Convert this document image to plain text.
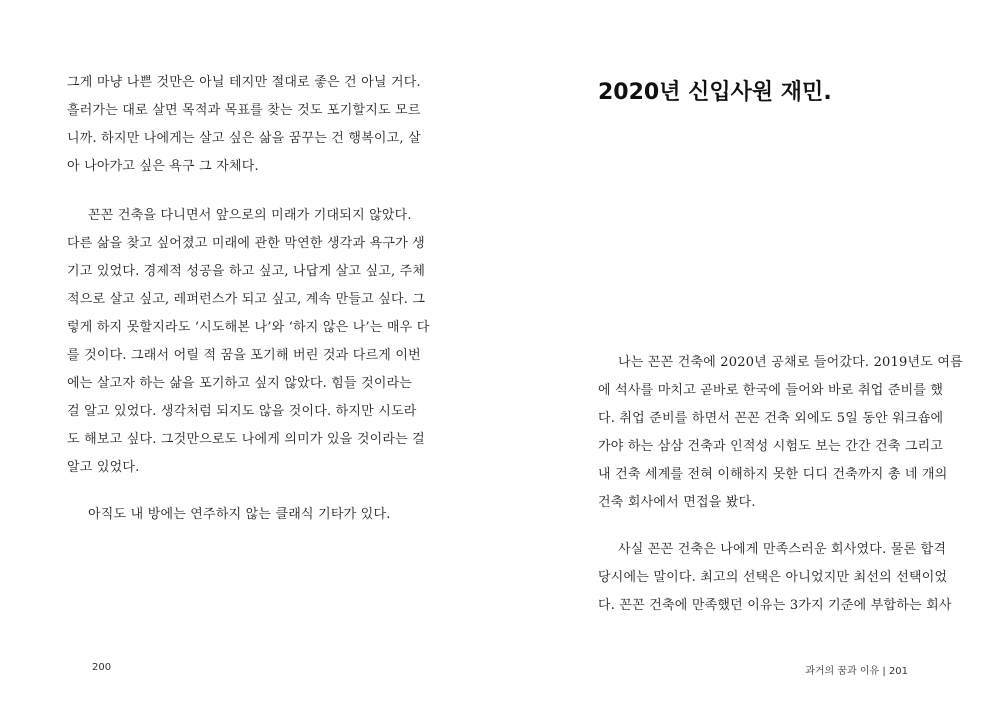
그게 마냥 나쁜 것만은 아닐 테지만 절대로 좋은 건 아닐 거다.
흘러가는 대로 살면 목적과 목표를 찾는 것도 포기할지도 모르
니까. 하지만 나에게는 살고 싶은 삶을 꿈꾸는 건 행복이고, 살
아 나아가고 싶은 욕구 그 자체다.
꼰꼰 건축을 다니면서 앞으로의 미래가 기대되지 않았다.
다른 삶을 찾고 싶어졌고 미래에 관한 막연한 생각과 욕구가 생
기고 있었다. 경제적 성공을 하고 싶고, 나답게 살고 싶고, 주체
적으로 살고 싶고, 레퍼런스가 되고 싶고, 계속 만들고 싶다. 그
렇게 하지 못할지라도 ‘시도해본 나’와 ‘하지 않은 나’는 매우 다
를 것이다. 그래서 어릴 적 꿈을 포기해 버린 것과 다르게 이번
에는 살고자 하는 삶을 포기하고 싶지 않았다. 힘들 것이라는
걸 알고 있었다. 생각처럼 되지도 않을 것이다. 하지만 시도라
도 해보고 싶다. 그것만으로도 나에게 의미가 있을 것이라는 걸
알고 있었다.
아직도 내 방에는 연주하지 않는 클래식 기타가 있다.
200
2020년 신입사원 재민.
나는 꼰꼰 건축에 2020년 공채로 들어갔다. 2019년도 여름
에 석사를 마치고 곧바로 한국에 들어와 바로 취업 준비를 했
다. 취업 준비를 하면서 꼰꼰 건축 외에도 5일 동안 워크숍에
가야 하는 삼삼 건축과 인적성 시험도 보는 간간 건축 그리고
내 건축 세계를 전혀 이해하지 못한 디디 건축까지 총 네 개의
건축 회사에서 면접을 봤다.
사실 꼰꼰 건축은 나에게 만족스러운 회사였다. 물론 합격
당시에는 말이다. 최고의 선택은 아니었지만 최선의 선택이었
다. 꼰꼰 건축에 만족했던 이유는 3가지 기준에 부합하는 회사
과거의 꿈과 이유 | 201
